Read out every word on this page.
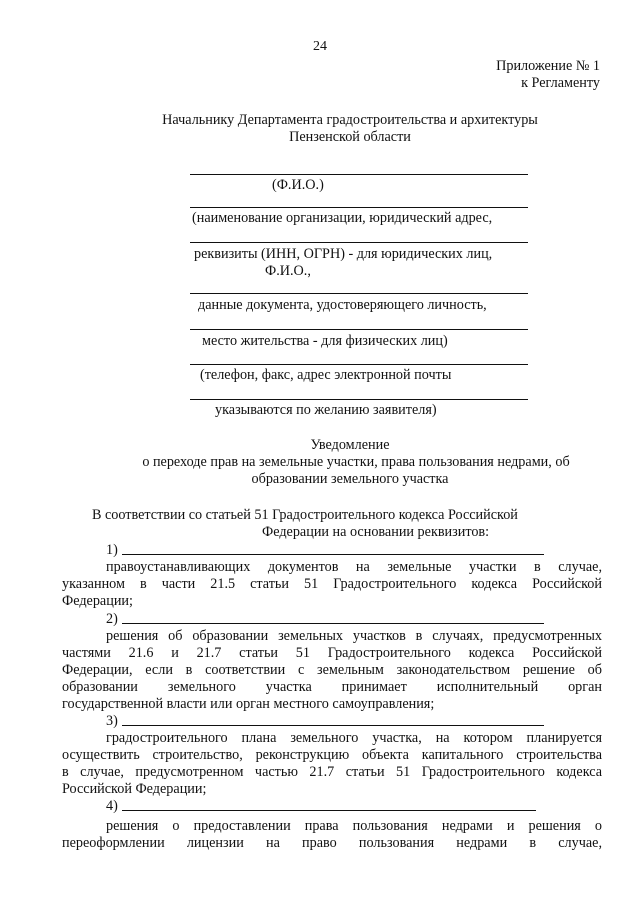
24
Приложение № 1
к Регламенту
Начальнику Департамента градостроительства и архитектуры
Пензенской области
(Ф.И.О.)
(наименование организации, юридический адрес,
реквизиты (ИНН, ОГРН) - для юридических лиц,
Ф.И.О.,
данные документа, удостоверяющего личность,
место жительства - для физических лиц)
(телефон, факс, адрес электронной почты
указываются по желанию заявителя)
Уведомление
о переходе прав на земельные участки, права пользования недрами, об
образовании земельного участка
В соответствии со статьей 51 Градостроительного кодекса Российской
Федерации на основании реквизитов:
1)
правоустанавливающих документов на земельные участки в случае,
указанном в части 21.5 статьи 51 Градостроительного кодекса Российской
Федерации;
2)
решения об образовании земельных участков в случаях, предусмотренных
частями 21.6 и 21.7 статьи 51 Градостроительного кодекса Российской
Федерации, если в соответствии с земельным законодательством решение об
образовании земельного участка принимает исполнительный орган
государственной власти или орган местного самоуправления;
3)
градостроительного плана земельного участка, на котором планируется
осуществить строительство, реконструкцию объекта капитального строительства
в случае, предусмотренном частью 21.7 статьи 51 Градостроительного кодекса
Российской Федерации;
4)
решения о предоставлении права пользования недрами и решения о
переоформлении лицензии на право пользования недрами в случае,
